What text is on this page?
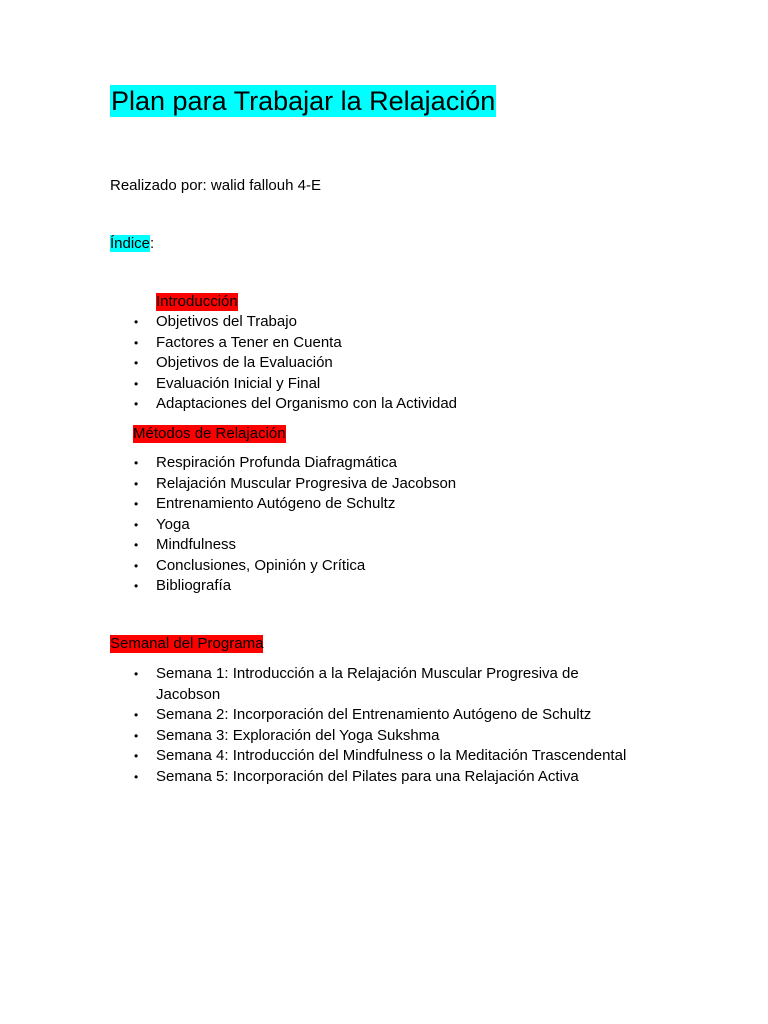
Plan para Trabajar la Relajación
Realizado por: walid fallouh 4-E
Índice:
Introducción
• Objetivos del Trabajo
• Factores a Tener en Cuenta
• Objetivos de la Evaluación
• Evaluación Inicial y Final
• Adaptaciones del Organismo con la Actividad
Métodos de Relajación
• Respiración Profunda Diafragmática
• Relajación Muscular Progresiva de Jacobson
• Entrenamiento Autógeno de Schultz
• Yoga
• Mindfulness
• Conclusiones, Opinión y Crítica
• Bibliografía
Semanal del Programa
• Semana 1: Introducción a la Relajación Muscular Progresiva de Jacobson
• Semana 2: Incorporación del Entrenamiento Autógeno de Schultz
• Semana 3: Exploración del Yoga Sukshma
• Semana 4: Introducción del Mindfulness o la Meditación Trascendental
• Semana 5: Incorporación del Pilates para una Relajación Activa
